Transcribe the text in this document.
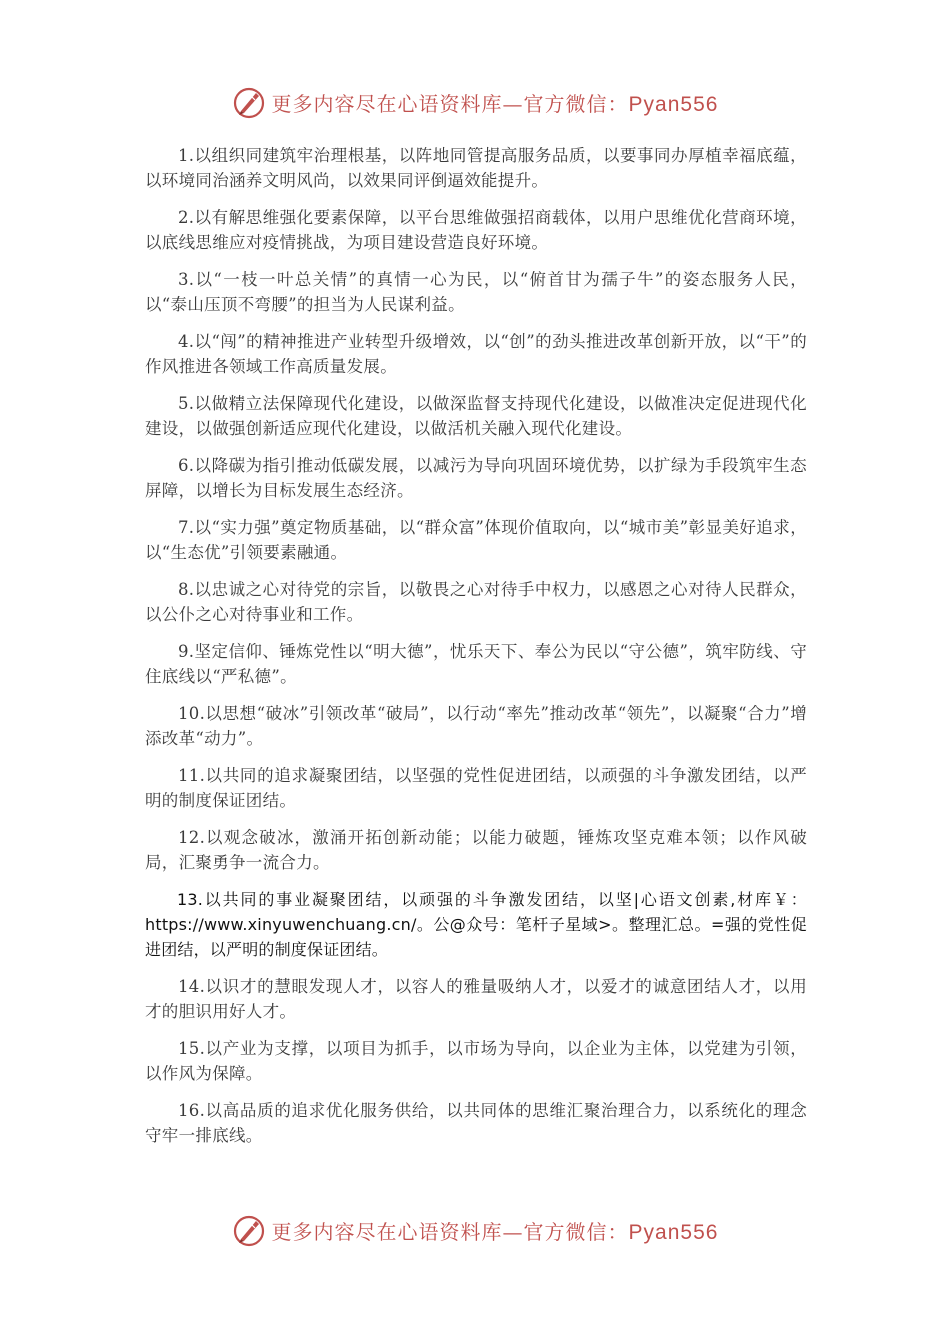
更多内容尽在心语资料库—官方微信：Pyan556

1.以组织同建筑牢治理根基，以阵地同管提高服务品质，以要事同办厚植幸福底蕴，以环境同治涵养文明风尚，以效果同评倒逼效能提升。

2.以有解思维强化要素保障，以平台思维做强招商载体，以用户思维优化营商环境，以底线思维应对疫情挑战，为项目建设营造良好环境。

3.以“一枝一叶总关情”的真情一心为民，以“俯首甘为孺子牛”的姿态服务人民，以“泰山压顶不弯腰”的担当为人民谋利益。

4.以“闯”的精神推进产业转型升级增效，以“创”的劲头推进改革创新开放，以“干”的作风推进各领域工作高质量发展。

5.以做精立法保障现代化建设，以做深监督支持现代化建设，以做准决定促进现代化建设，以做强创新适应现代化建设，以做活机关融入现代化建设。

6.以降碳为指引推动低碳发展，以减污为导向巩固环境优势，以扩绿为手段筑牢生态屏障，以增长为目标发展生态经济。

7.以“实力强”奠定物质基础，以“群众富”体现价值取向，以“城市美”彰显美好追求，以“生态优”引领要素融通。

8.以忠诚之心对待党的宗旨，以敬畏之心对待手中权力，以感恩之心对待人民群众，以公仆之心对待事业和工作。

9.坚定信仰、锤炼党性以“明大德”，忧乐天下、奉公为民以“守公德”，筑牢防线、守住底线以“严私德”。

10.以思想“破冰”引领改革“破局”，以行动“率先”推动改革“领先”，以凝聚“合力”增添改革“动力”。

11.以共同的追求凝聚团结，以坚强的党性促进团结，以顽强的斗争激发团结，以严明的制度保证团结。

12.以观念破冰，激涌开拓创新动能；以能力破题，锤炼攻坚克难本领；以作风破局，汇聚勇争一流合力。

13.以共同的事业凝聚团结，以顽强的斗争激发团结，以坚|心语文创素,材库￥：https://www.xinyuwenchuang.cn/。公@众号：笔杆子星域>。整理汇总。=强的党性促进团结，以严明的制度保证团结。

14.以识才的慧眼发现人才，以容人的雅量吸纳人才，以爱才的诚意团结人才，以用才的胆识用好人才。

15.以产业为支撑，以项目为抓手，以市场为导向，以企业为主体，以党建为引领，以作风为保障。

16.以高品质的追求优化服务供给，以共同体的思维汇聚治理合力，以系统化的理念守牢一排底线。

更多内容尽在心语资料库—官方微信：Pyan556
